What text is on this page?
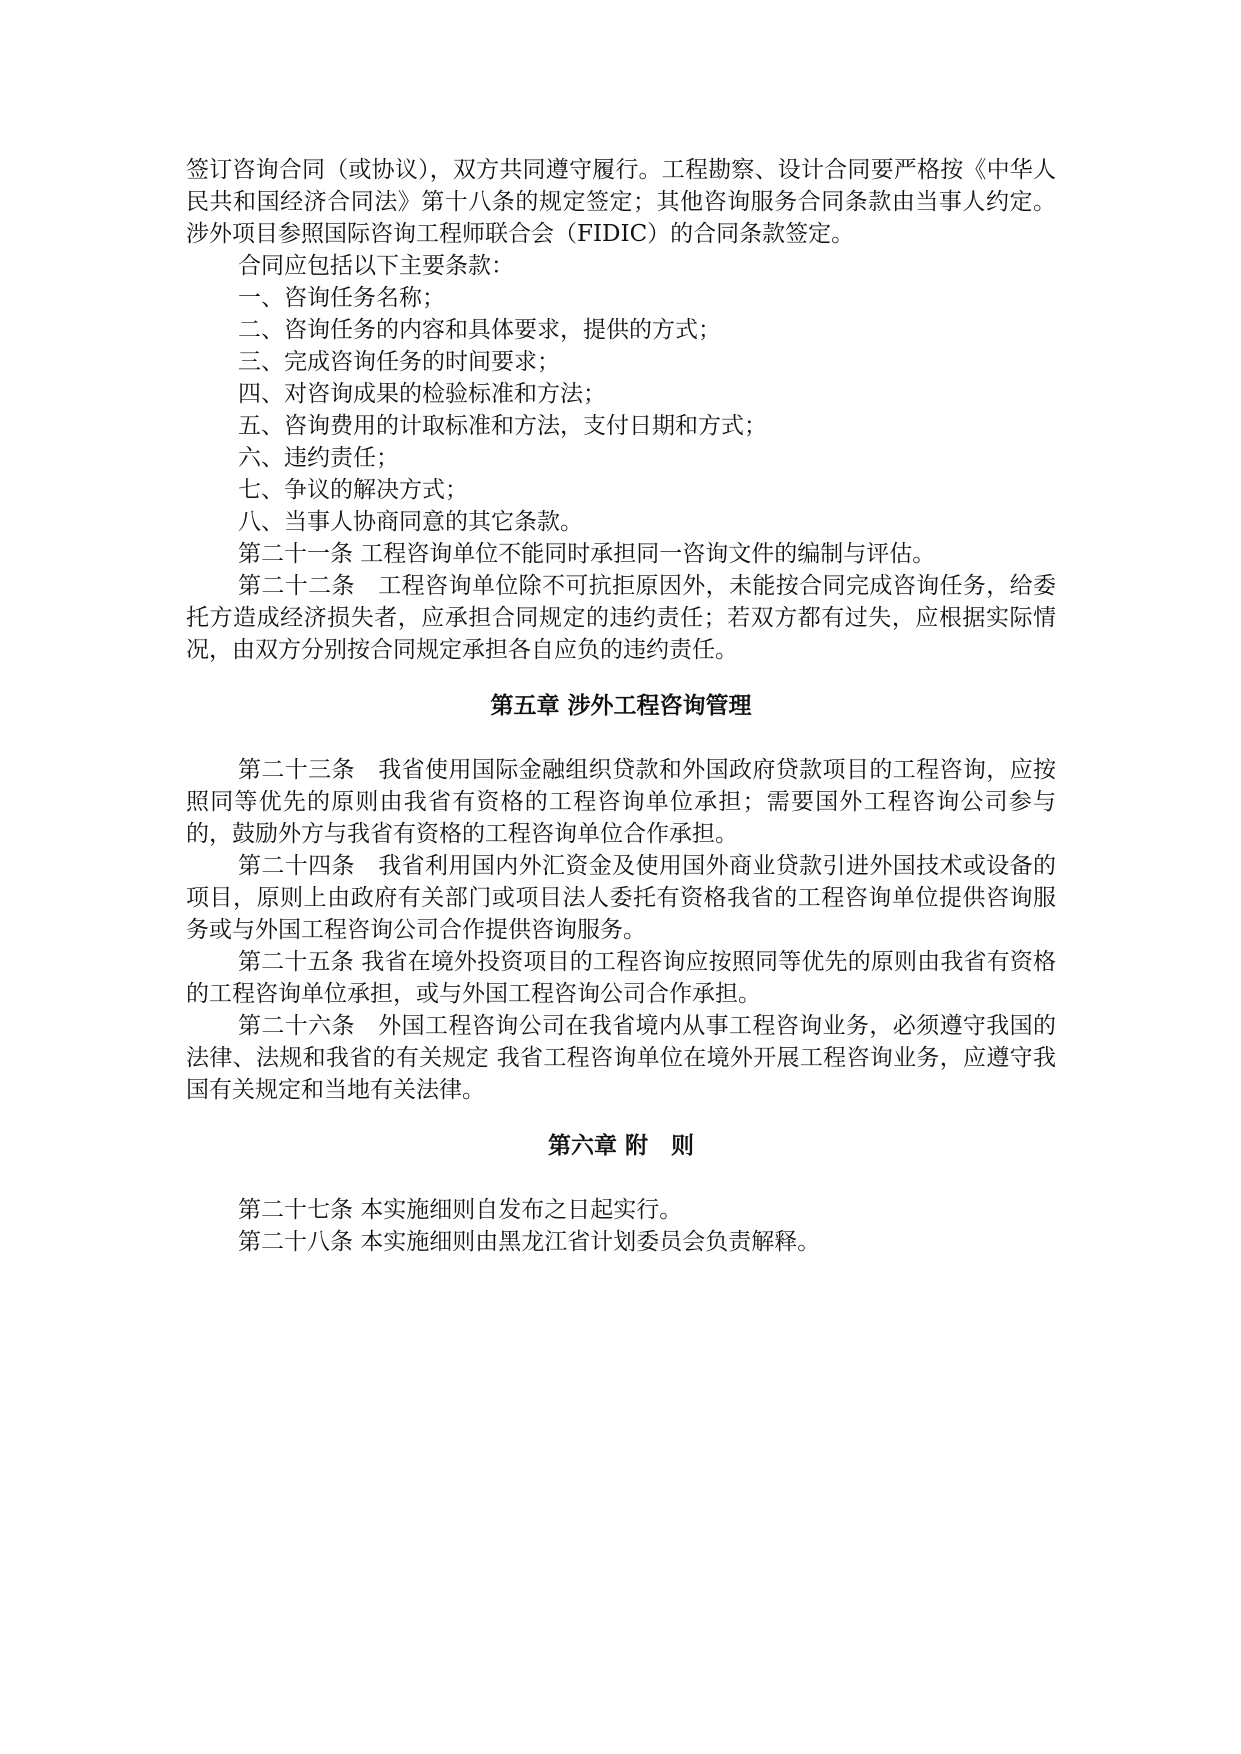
签订咨询合同（或协议），双方共同遵守履行。工程勘察、设计合同要严格按《中华人民共和国经济合同法》第十八条的规定签定；其他咨询服务合同条款由当事人约定。涉外项目参照国际咨询工程师联合会（FIDIC）的合同条款签定。

合同应包括以下主要条款：

一、咨询任务名称；

二、咨询任务的内容和具体要求，提供的方式；

三、完成咨询任务的时间要求；

四、对咨询成果的检验标准和方法；

五、咨询费用的计取标准和方法，支付日期和方式；

六、违约责任；

七、争议的解决方式；

八、当事人协商同意的其它条款。

第二十一条 工程咨询单位不能同时承担同一咨询文件的编制与评估。

第二十二条　工程咨询单位除不可抗拒原因外，未能按合同完成咨询任务，给委托方造成经济损失者，应承担合同规定的违约责任；若双方都有过失，应根据实际情况，由双方分别按合同规定承担各自应负的违约责任。

第五章 涉外工程咨询管理

第二十三条　我省使用国际金融组织贷款和外国政府贷款项目的工程咨询，应按照同等优先的原则由我省有资格的工程咨询单位承担；需要国外工程咨询公司参与的，鼓励外方与我省有资格的工程咨询单位合作承担。

第二十四条　我省利用国内外汇资金及使用国外商业贷款引进外国技术或设备的项目，原则上由政府有关部门或项目法人委托有资格我省的工程咨询单位提供咨询服务或与外国工程咨询公司合作提供咨询服务。

第二十五条 我省在境外投资项目的工程咨询应按照同等优先的原则由我省有资格的工程咨询单位承担，或与外国工程咨询公司合作承担。

第二十六条　外国工程咨询公司在我省境内从事工程咨询业务，必须遵守我国的法律、法规和我省的有关规定 我省工程咨询单位在境外开展工程咨询业务，应遵守我国有关规定和当地有关法律。

第六章 附　则

第二十七条 本实施细则自发布之日起实行。

第二十八条 本实施细则由黑龙江省计划委员会负责解释。
